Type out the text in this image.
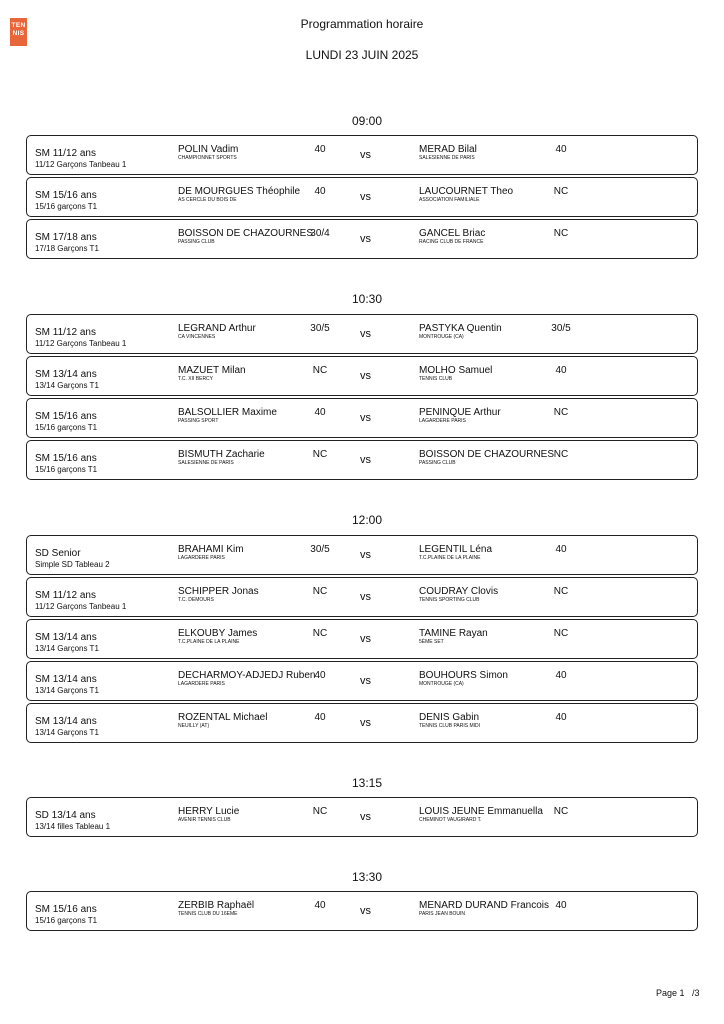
TEN
NIS
Programmation horaire
LUNDI 23 JUIN 2025
09:00
SM 11/12 ans
11/12 Garçons Tanbeau 1
POLIN Vadim
CHAMPIONNET SPORTS
40	vs	MERAD Bilal
SALESIENNE DE PARIS
40
SM 15/16 ans
15/16 garçons T1
DE MOURGUES Théophile
AS CERCLE DU BOIS DE
40	vs	LAUCOURNET Theo
ASSOCIATION FAMILIALE
NC
SM 17/18 ans
17/18 Garçons T1
BOISSON DE CHAZOURNES
PASSING CLUB
30/4	vs	GANCEL Briac
RACING CLUB DE FRANCE
NC
10:30
SM 11/12 ans
11/12 Garçons Tanbeau 1
LEGRAND Arthur
CA VINCENNES
30/5	vs	PASTYKA Quentin
MONTROUGE (CA)
30/5
SM 13/14 ans
13/14 Garçons T1
MAZUET Milan
T.C. XII BERCY
NC	vs	MOLHO Samuel
TENNIS CLUB
40
SM 15/16 ans
15/16 garçons T1
BALSOLLIER Maxime
PASSING SPORT
40	vs	PENINQUE Arthur
LAGARDERE PARIS
NC
SM 15/16 ans
15/16 garçons T1
BISMUTH Zacharie
SALESIENNE DE PARIS
NC	vs	BOISSON DE CHAZOURNES
PASSING CLUB
NC
12:00
SD Senior
Simple SD Tableau 2
BRAHAMI Kim
LAGARDERE PARIS
30/5	vs	LEGENTIL Léna
T.C.PLAINE DE LA PLAINE
40
SM 11/12 ans
11/12 Garçons Tanbeau 1
SCHIPPER Jonas
T.C. DEMOURS
NC	vs	COUDRAY Clovis
TENNIS SPORTING CLUB
NC
SM 13/14 ans
13/14 Garçons T1
ELKOUBY James
T.C.PLAINE DE LA PLAINE
NC	vs	TAMINE Rayan
5ÈME SET
NC
SM 13/14 ans
13/14 Garçons T1
DECHARMOY-ADJEDJ Ruben
LAGARDERE PARIS
40	vs	BOUHOURS Simon
MONTROUGE (CA)
40
SM 13/14 ans
13/14 Garçons T1
ROZENTAL Michael
NEUILLY (AT)
40	vs	DENIS Gabin
TENNIS CLUB PARIS MIDI
40
13:15
SD 13/14 ans
13/14 filles Tableau 1
HERRY Lucie
AVENIR TENNIS CLUB
NC	vs	LOUIS JEUNE Emmanuella
CHEMINOT VAUGIRARD T.
NC
13:30
SM 15/16 ans
15/16 garçons T1
ZERBIB Raphaël
TENNIS CLUB DU 16EME
40	vs	MENARD DURAND Francois
PARIS JEAN BOUIN
40
Page 1   /3
